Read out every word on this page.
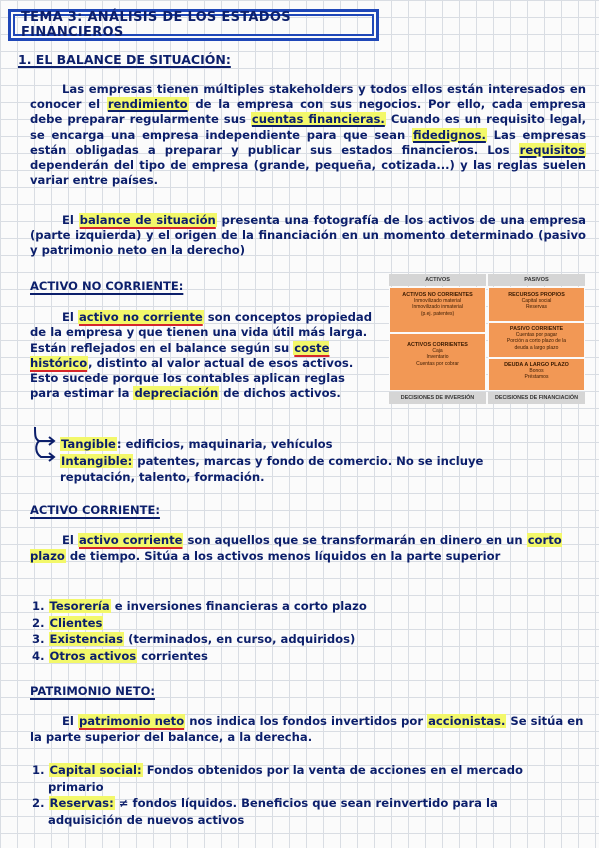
TEMA 3: ANÁLISIS DE LOS ESTADOS FINANCIEROS
1. EL BALANCE DE SITUACIÓN:
Las empresas tienen múltiples stakeholders y todos ellos están interesados en conocer el rendimiento de la empresa con sus negocios. Por ello, cada empresa debe preparar regularmente sus cuentas financieras. Cuando es un requisito legal, se encarga una empresa independiente para que sean fidedignos. Las empresas están obligadas a preparar y publicar sus estados financieros. Los requisitos dependerán del tipo de empresa (grande, pequeña, cotizada...) y las reglas suelen variar entre países.
El balance de situación presenta una fotografía de los activos de una empresa (parte izquierda) y el origen de la financiación en un momento determinado (pasivo y patrimonio neto en la derecho)
ACTIVO NO CORRIENTE:
El activo no corriente son conceptos propiedad de la empresa y que tienen una vida útil más larga. Están reflejados en el balance según su coste histórico, distinto al valor actual de esos activos. Esto sucede porque los contables aplican reglas para estimar la depreciación de dichos activos.
ACTIVOS	PASIVOS
ACTIVOS NO CORRIENTES
Inmovilizado material
Inmovilizado inmaterial
(p.ej. patentes)
ACTIVOS CORRIENTES
Caja
Inventario
Cuentas por cobrar
RECURSOS PROPIOS
Capital social
Reservas
PASIVO CORRIENTE
Cuentas por pagar
Porción a corto plazo de la
deuda a largo plazo
DEUDA A LARGO PLAZO
Bonos
Préstamos
DECISIONES DE INVERSIÓN	DECISIONES DE FINANCIACIÓN
Tangible: edificios, maquinaria, vehículos
Intangible: patentes, marcas y fondo de comercio. No se incluye
reputación, talento, formación.
ACTIVO CORRIENTE:
El activo corriente son aquellos que se transformarán en dinero en un corto plazo de tiempo. Sitúa a los activos menos líquidos en la parte superior
1. Tesorería e inversiones financieras a corto plazo
2. Clientes
3. Existencias (terminados, en curso, adquiridos)
4. Otros activos corrientes
PATRIMONIO NETO:
El patrimonio neto nos indica los fondos invertidos por accionistas. Se sitúa en la parte superior del balance, a la derecha.
1. Capital social: Fondos obtenidos por la venta de acciones en el mercado
primario
2. Reservas: ≠ fondos líquidos. Beneficios que sean reinvertido para la
adquisición de nuevos activos
